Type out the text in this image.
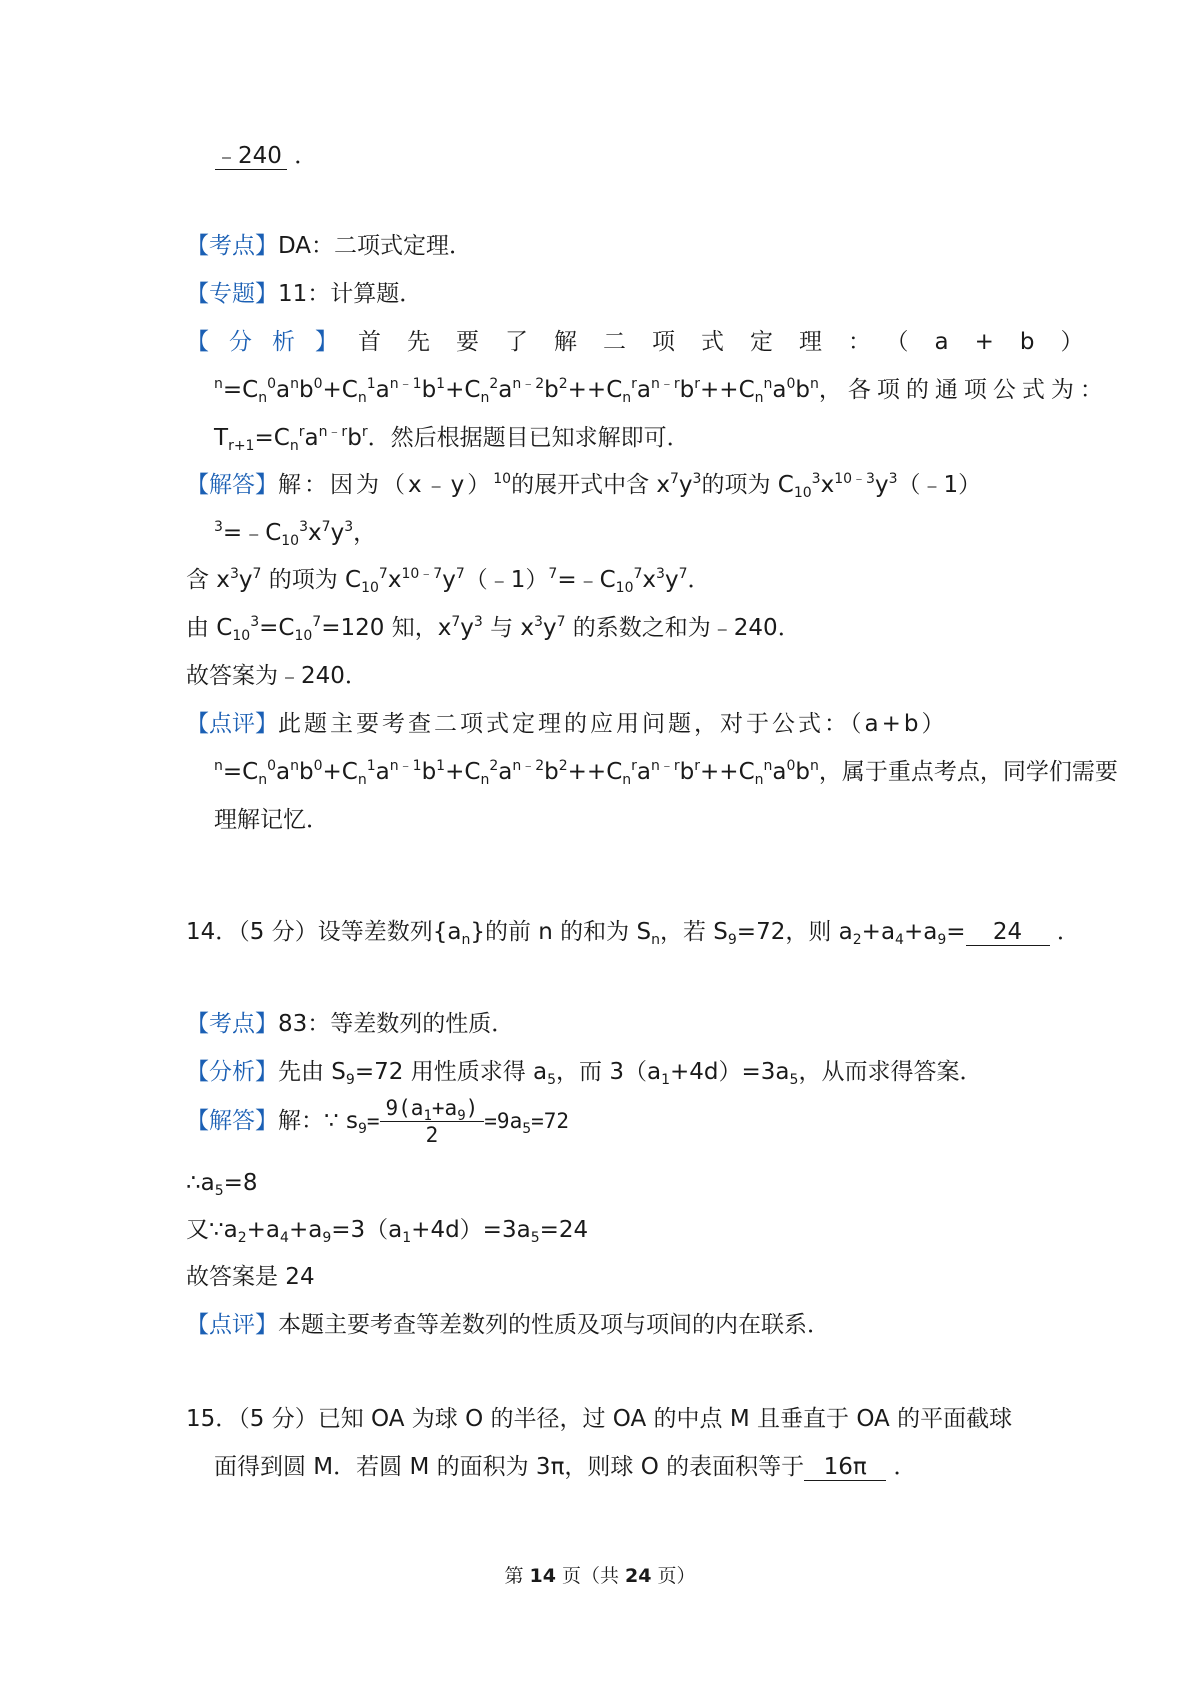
﹣240 ．
【考点】DA：二项式定理．
【专题】11：计算题．
【分析】 首先要了解二项式定理：（a+b）
$^n=C_n^0a^nb^0+C_n^1a^{n﹣1}b^1+C_n^2a^{n﹣2}b^2++C_n^ra^{n﹣r}b^r++C_n^na^0b^n$，各项的通项公式为：
$T_{r+1}=C_n^ra^{n﹣r}b^r$．然后根据题目已知求解即可．
【解答】解：因为（x﹣y）$^{10}$的展开式中含 $x^7y^3$的项为 $C_{10}^3x^{10﹣3}y^3(﹣1)$
$^3=﹣C_{10}^3x^7y^3$，
含 $x^3y^7$ 的项为 $C_{10}^7x^{10﹣7}y^7(﹣1)^7=﹣C_{10}^7x^3y^7$．
由 $C_{10}^3=C_{10}^7=120$ 知，$x^7y^3$ 与 $x^3y^7$ 的系数之和为﹣240．
故答案为﹣240．
【点评】此题主要考查二项式定理的应用问题，对于公式：（a+b）
$^n=C_n^0a^nb^0+C_n^1a^{n﹣1}b^1+C_n^2a^{n﹣2}b^2++C_n^ra^{n﹣r}b^r++C_n^na^0b^n$，属于重点考点，同学们需要
理解记忆．
14．（5 分）设等差数列$\{a_n\}$的前 n 的和为 $S_n$，若 $S_9=72$，则 $a_2+a_4+a_9= 24$ ．
【考点】83：等差数列的性质．
【分析】先由 $S_9=72$ 用性质求得 $a_5$，而 $3(a_1+4d)=3a_5$，从而求得答案．
【解答】解：∵ $s_9= \frac{9(a_1+a_9)}{2} =9a_5=72$
$\therefore a_5=8$
又$\because a_2+a_4+a_9=3(a_1+4d)=3a_5=24$
故答案是 24
【点评】本题主要考查等差数列的性质及项与项间的内在联系．
15．（5 分）已知 OA 为球 O 的半径，过 OA 的中点 M 且垂直于 OA 的平面截球
面得到圆 M．若圆 M 的面积为 3π，则球 O 的表面积等于 16π ．
第 14 页（共 24 页）
